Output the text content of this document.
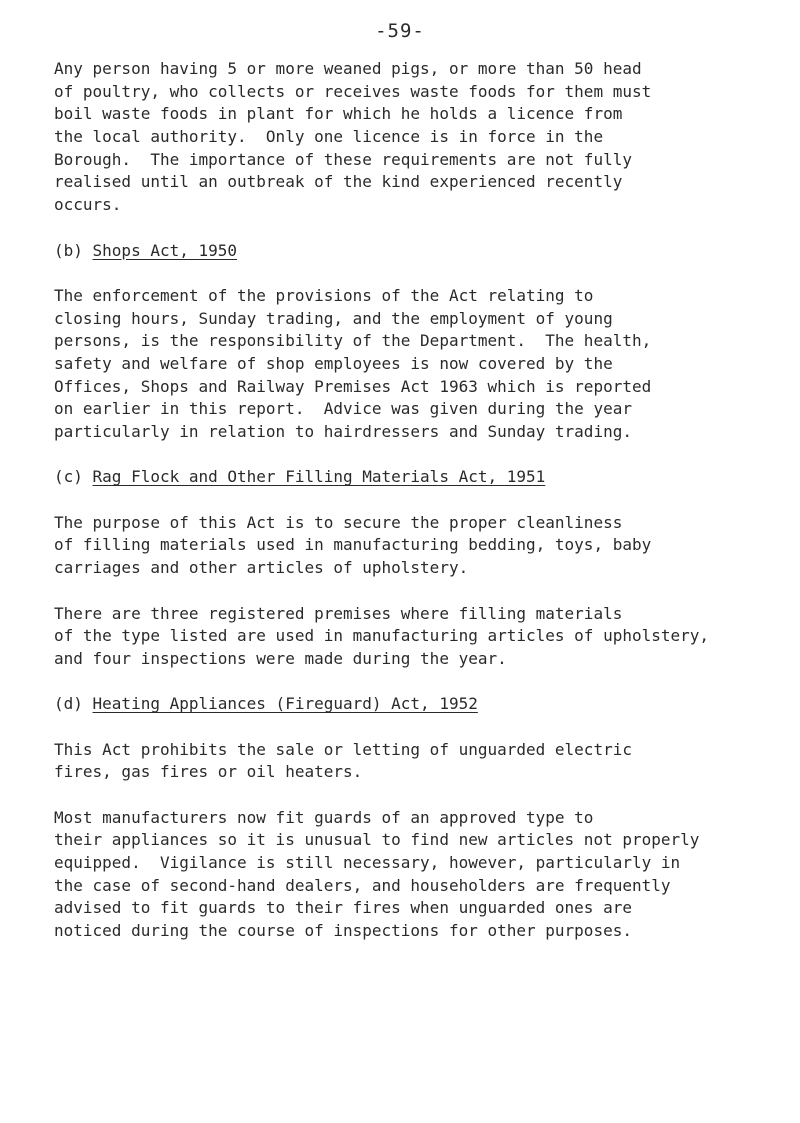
-59-
Any person having 5 or more weaned pigs, or more than 50 head
of poultry, who collects or receives waste foods for them must
boil waste foods in plant for which he holds a licence from
the local authority.  Only one licence is in force in the
Borough.  The importance of these requirements are not fully
realised until an outbreak of the kind experienced recently
occurs.
(b) Shops Act, 1950
The enforcement of the provisions of the Act relating to
closing hours, Sunday trading, and the employment of young
persons, is the responsibility of the Department.  The health,
safety and welfare of shop employees is now covered by the
Offices, Shops and Railway Premises Act 1963 which is reported
on earlier in this report.  Advice was given during the year
particularly in relation to hairdressers and Sunday trading.
(c) Rag Flock and Other Filling Materials Act, 1951
The purpose of this Act is to secure the proper cleanliness
of filling materials used in manufacturing bedding, toys, baby
carriages and other articles of upholstery.
There are three registered premises where filling materials
of the type listed are used in manufacturing articles of upholstery,
and four inspections were made during the year.
(d) Heating Appliances (Fireguard) Act, 1952
This Act prohibits the sale or letting of unguarded electric
fires, gas fires or oil heaters.
Most manufacturers now fit guards of an approved type to
their appliances so it is unusual to find new articles not properly
equipped.  Vigilance is still necessary, however, particularly in
the case of second-hand dealers, and householders are frequently
advised to fit guards to their fires when unguarded ones are
noticed during the course of inspections for other purposes.
